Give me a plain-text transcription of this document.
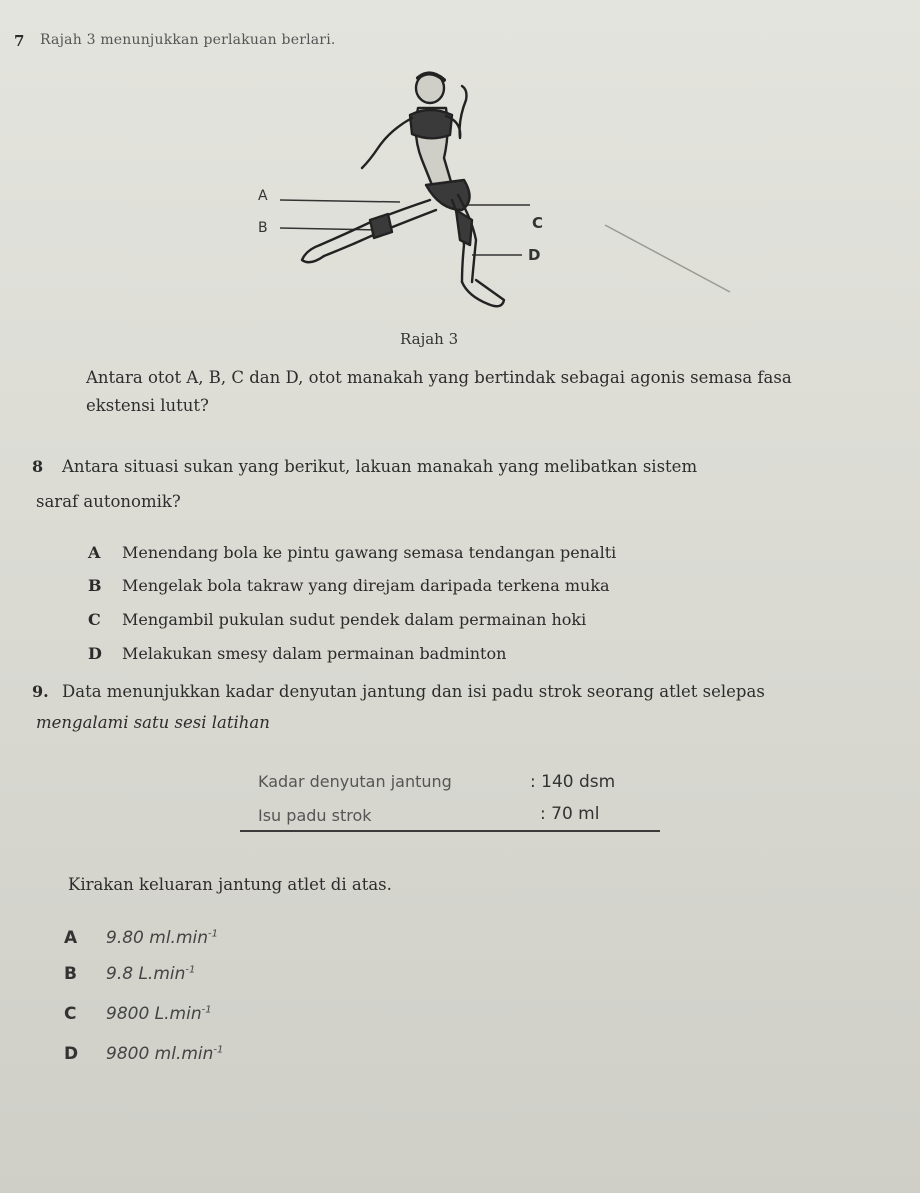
7 Rajah 3 menunjukkan perlakuan berlari.
A
B	C
D
Rajah 3
Antara otot A, B, C dan D, otot manakah yang bertindak sebagai agonis semasa fasa
ekstensi lutut?
8 Antara situasi sukan yang berikut, lakuan manakah yang melibatkan sistem
saraf autonomik?
A Menendang bola ke pintu gawang semasa tendangan penalti
B Mengelak bola takraw yang direjam daripada terkena muka
C Mengambil pukulan sudut pendek dalam permainan hoki
D Melakukan smesy dalam permainan badminton
9. Data menunjukkan kadar denyutan jantung dan isi padu strok seorang atlet selepas
mengalami satu sesi latihan
Kadar denyutan jantung	: 140 dsm
Isu padu strok	: 70 ml
Kirakan keluaran jantung atlet di atas.
A 9.80 $ml.\min^{-1}$
B 9.8 $L.\min^{-1}$
C 9800 $L.\min^{-1}$
D 9800 $ml.\min^{-1}$
